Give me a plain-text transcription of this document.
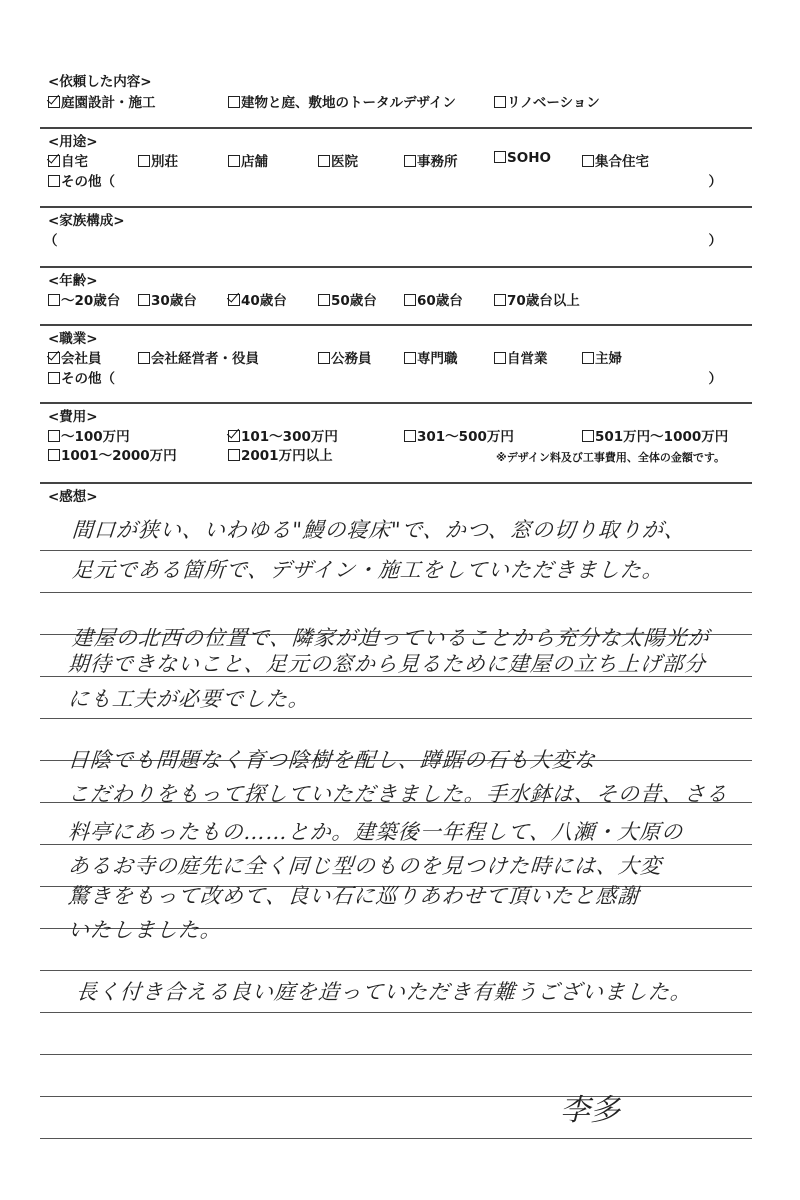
<依頼した内容>
庭園設計・施工	建物と庭、敷地のトータルデザイン	リノベーション
<用途>
自宅	別荘	店舗	医院	事務所	SOHO	集合住宅
その他（	）
<家族構成>
（	）
<年齢>
～20歳台	30歳台	40歳台	50歳台	60歳台	70歳台以上
<職業>
会社員	会社経営者・役員	公務員	専門職	自営業	主婦
その他（	）
<費用>
～100万円	101～300万円	301～500万円	501万円～1000万円
1001～2000万円	2001万円以上	※デザイン料及び工事費用、全体の金額です。
<感想>
間口が狭い、いわゆる"鰻の寝床"で、かつ、窓の切り取りが、
足元である箇所で、デザイン・施工をしていただきました。
建屋の北西の位置で、隣家が迫っていることから充分な太陽光が
期待できないこと、足元の窓から見るために建屋の立ち上げ部分
にも工夫が必要でした。
日陰でも問題なく育つ陰樹を配し、蹲踞の石も大変な
こだわりをもって探していただきました。手水鉢は、その昔、さる
料亭にあったもの……とか。建築後一年程して、八瀬・大原の
あるお寺の庭先に全く同じ型のものを見つけた時には、大変
驚きをもって改めて、良い石に巡りあわせて頂いたと感謝
いたしました。
長く付き合える良い庭を造っていただき有難うございました。
李多
